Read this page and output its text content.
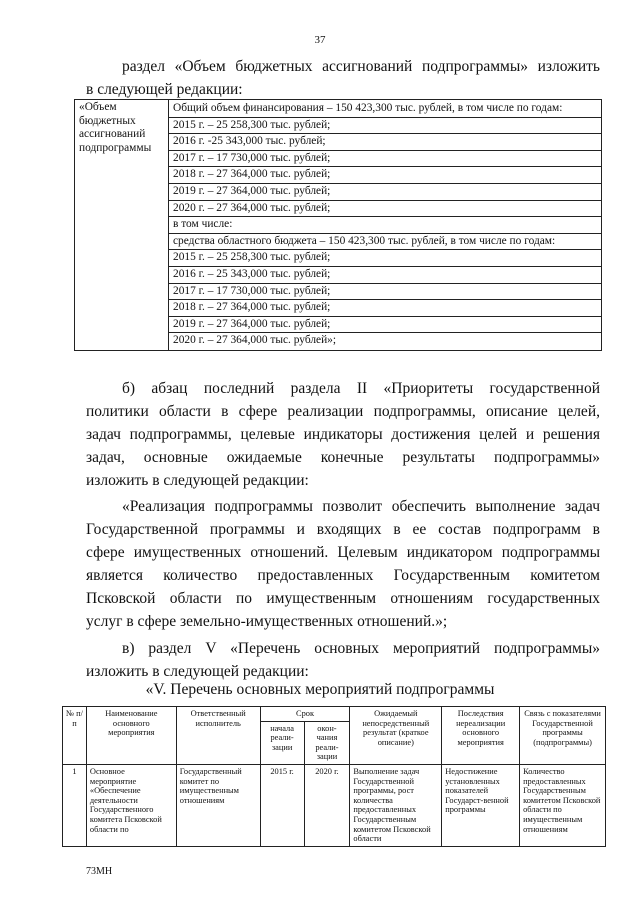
37
раздел «Объем бюджетных ассигнований подпрограммы» изложить
в следующей редакции:
«Объем бюджетных ассигнований подпрограммы	
Общий объем финансирования – 150 423,300 тыс. рублей, в том числе по годам:
2015 г. – 25 258,300 тыс. рублей;
2016 г. -25 343,000 тыс. рублей;
2017 г. – 17 730,000 тыс. рублей;
2018 г. – 27 364,000 тыс. рублей;
2019 г. – 27 364,000 тыс. рублей;
2020 г. – 27 364,000 тыс. рублей;
в том числе:
средства областного бюджета – 150 423,300 тыс. рублей, в том числе по годам:
2015 г. – 25 258,300 тыс. рублей;
2016 г. – 25 343,000 тыс. рублей;
2017 г. – 17 730,000 тыс. рублей;
2018 г. – 27 364,000 тыс. рублей;
2019 г. – 27 364,000 тыс. рублей;
2020 г. – 27 364,000 тыс. рублей»;
б) абзац последний раздела II «Приоритеты государственной
политики области в сфере реализации подпрограммы, описание целей,
задач подпрограммы, целевые индикаторы достижения целей и решения
задач, основные ожидаемые конечные результаты подпрограммы»
изложить в следующей редакции:
«Реализация подпрограммы позволит обеспечить выполнение задач
Государственной программы и входящих в ее состав подпрограмм в
сфере имущественных отношений. Целевым индикатором подпрограммы
является количество предоставленных Государственным комитетом
Псковской области по имущественным отношениям государственных
услуг в сфере земельно-имущественных отношений.»;
в) раздел V «Перечень основных мероприятий подпрограммы»
изложить в следующей редакции:
«V. Перечень основных мероприятий подпрограммы
№ п/п	Наименование основного мероприятия	Ответственный исполнитель	Срок		Ожидаемый непосредственный результат (краткое описание)	Последствия нереализации основного мероприятия	Связь с показателями Государственной программы (подпрограммы)
			начала реали-зации	окон-чания реали-зации			
1	Основное мероприятие «Обеспечение деятельности Государственного комитета Псковской области по	Государственный комитет по имущественным отношениям	2015 г.	2020 г.	Выполнение задач Государственной программы, рост количества предоставленных Государственным комитетом Псковской области	Недостижение установленных показателей Государст-венной программы	Количество предоставленных Государственным комитетом Псковской области по имущественным отношениям
73МН
